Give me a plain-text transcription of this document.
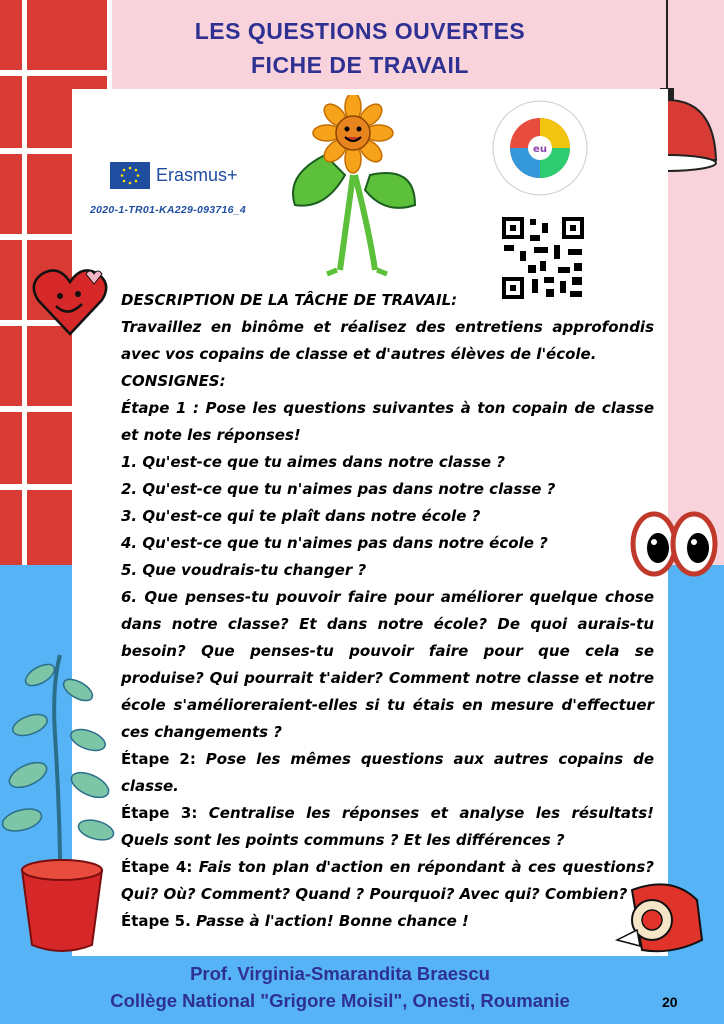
LES QUESTIONS OUVERTES
FICHE DE TRAVAIL
Erasmus+
2020-1-TR01-KA229-093716_4
eu

DESCRIPTION DE LA TÂCHE DE TRAVAIL:

Travaillez en binôme et réalisez des entretiens approfondis avec vos copains de classe et d'autres élèves de l'école.

CONSIGNES:

Étape 1 : Pose les questions suivantes à ton copain de classe et note les réponses!

1. Qu'est-ce que tu aimes dans notre classe ?

2. Qu'est-ce que tu n'aimes pas dans notre classe ?

3. Qu'est-ce qui te plaît dans notre école ?

4. Qu'est-ce que tu n'aimes pas dans notre école ?

5. Que voudrais-tu changer ?

6. Que penses-tu pouvoir faire pour améliorer quelque chose dans notre classe? Et dans notre école? De quoi aurais-tu besoin? Que penses-tu pouvoir faire pour que cela se produise? Qui pourrait t'aider? Comment notre classe et notre école s'amélioreraient-elles si tu étais en mesure d'effectuer ces changements ?

Étape 2: Pose les mêmes questions aux autres copains de classe.

Étape 3: Centralise les réponses et analyse les résultats! Quels sont les points communs ? Et les différences ?

Étape 4: Fais ton plan d'action en répondant à ces questions? Qui? Où? Comment? Quand ? Pourquoi? Avec qui? Combien?

Étape 5. Passe à l'action! Bonne chance !

Prof. Virginia-Smarandita Braescu
Collège National "Grigore Moisil", Onesti, Roumanie	20
